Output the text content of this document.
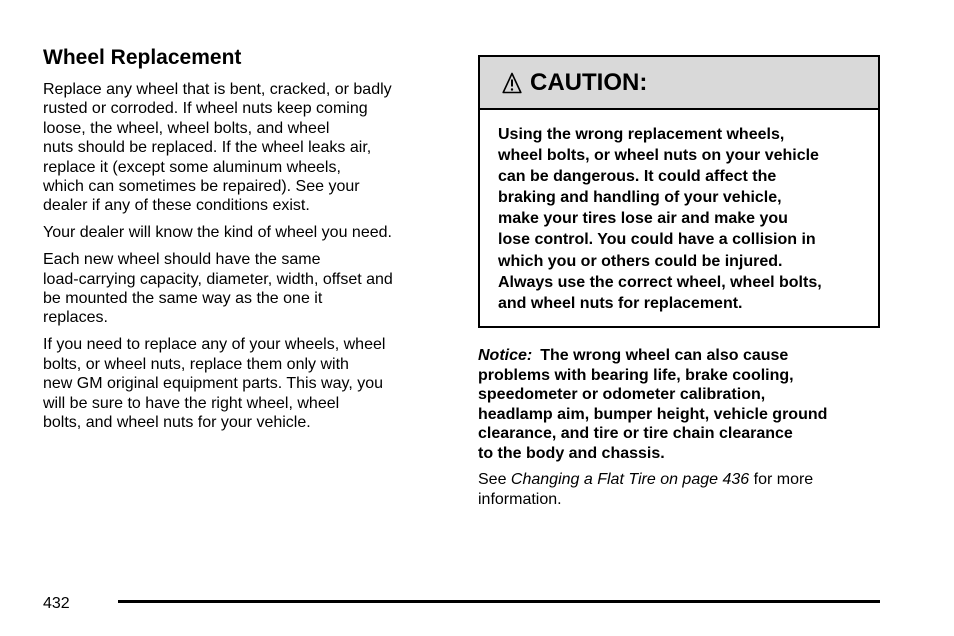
Wheel Replacement
Replace any wheel that is bent, cracked, or badly
rusted or corroded. If wheel nuts keep coming
loose, the wheel, wheel bolts, and wheel
nuts should be replaced. If the wheel leaks air,
replace it (except some aluminum wheels,
which can sometimes be repaired). See your
dealer if any of these conditions exist.
Your dealer will know the kind of wheel you need.
Each new wheel should have the same
load-carrying capacity, diameter, width, offset and
be mounted the same way as the one it
replaces.
If you need to replace any of your wheels, wheel
bolts, or wheel nuts, replace them only with
new GM original equipment parts. This way, you
will be sure to have the right wheel, wheel
bolts, and wheel nuts for your vehicle.
CAUTION:
Using the wrong replacement wheels,
wheel bolts, or wheel nuts on your vehicle
can be dangerous. It could affect the
braking and handling of your vehicle,
make your tires lose air and make you
lose control. You could have a collision in
which you or others could be injured.
Always use the correct wheel, wheel bolts,
and wheel nuts for replacement.
Notice: The wrong wheel can also cause
problems with bearing life, brake cooling,
speedometer or odometer calibration,
headlamp aim, bumper height, vehicle ground
clearance, and tire or tire chain clearance
to the body and chassis.
See Changing a Flat Tire on page 436 for more
information.
432
